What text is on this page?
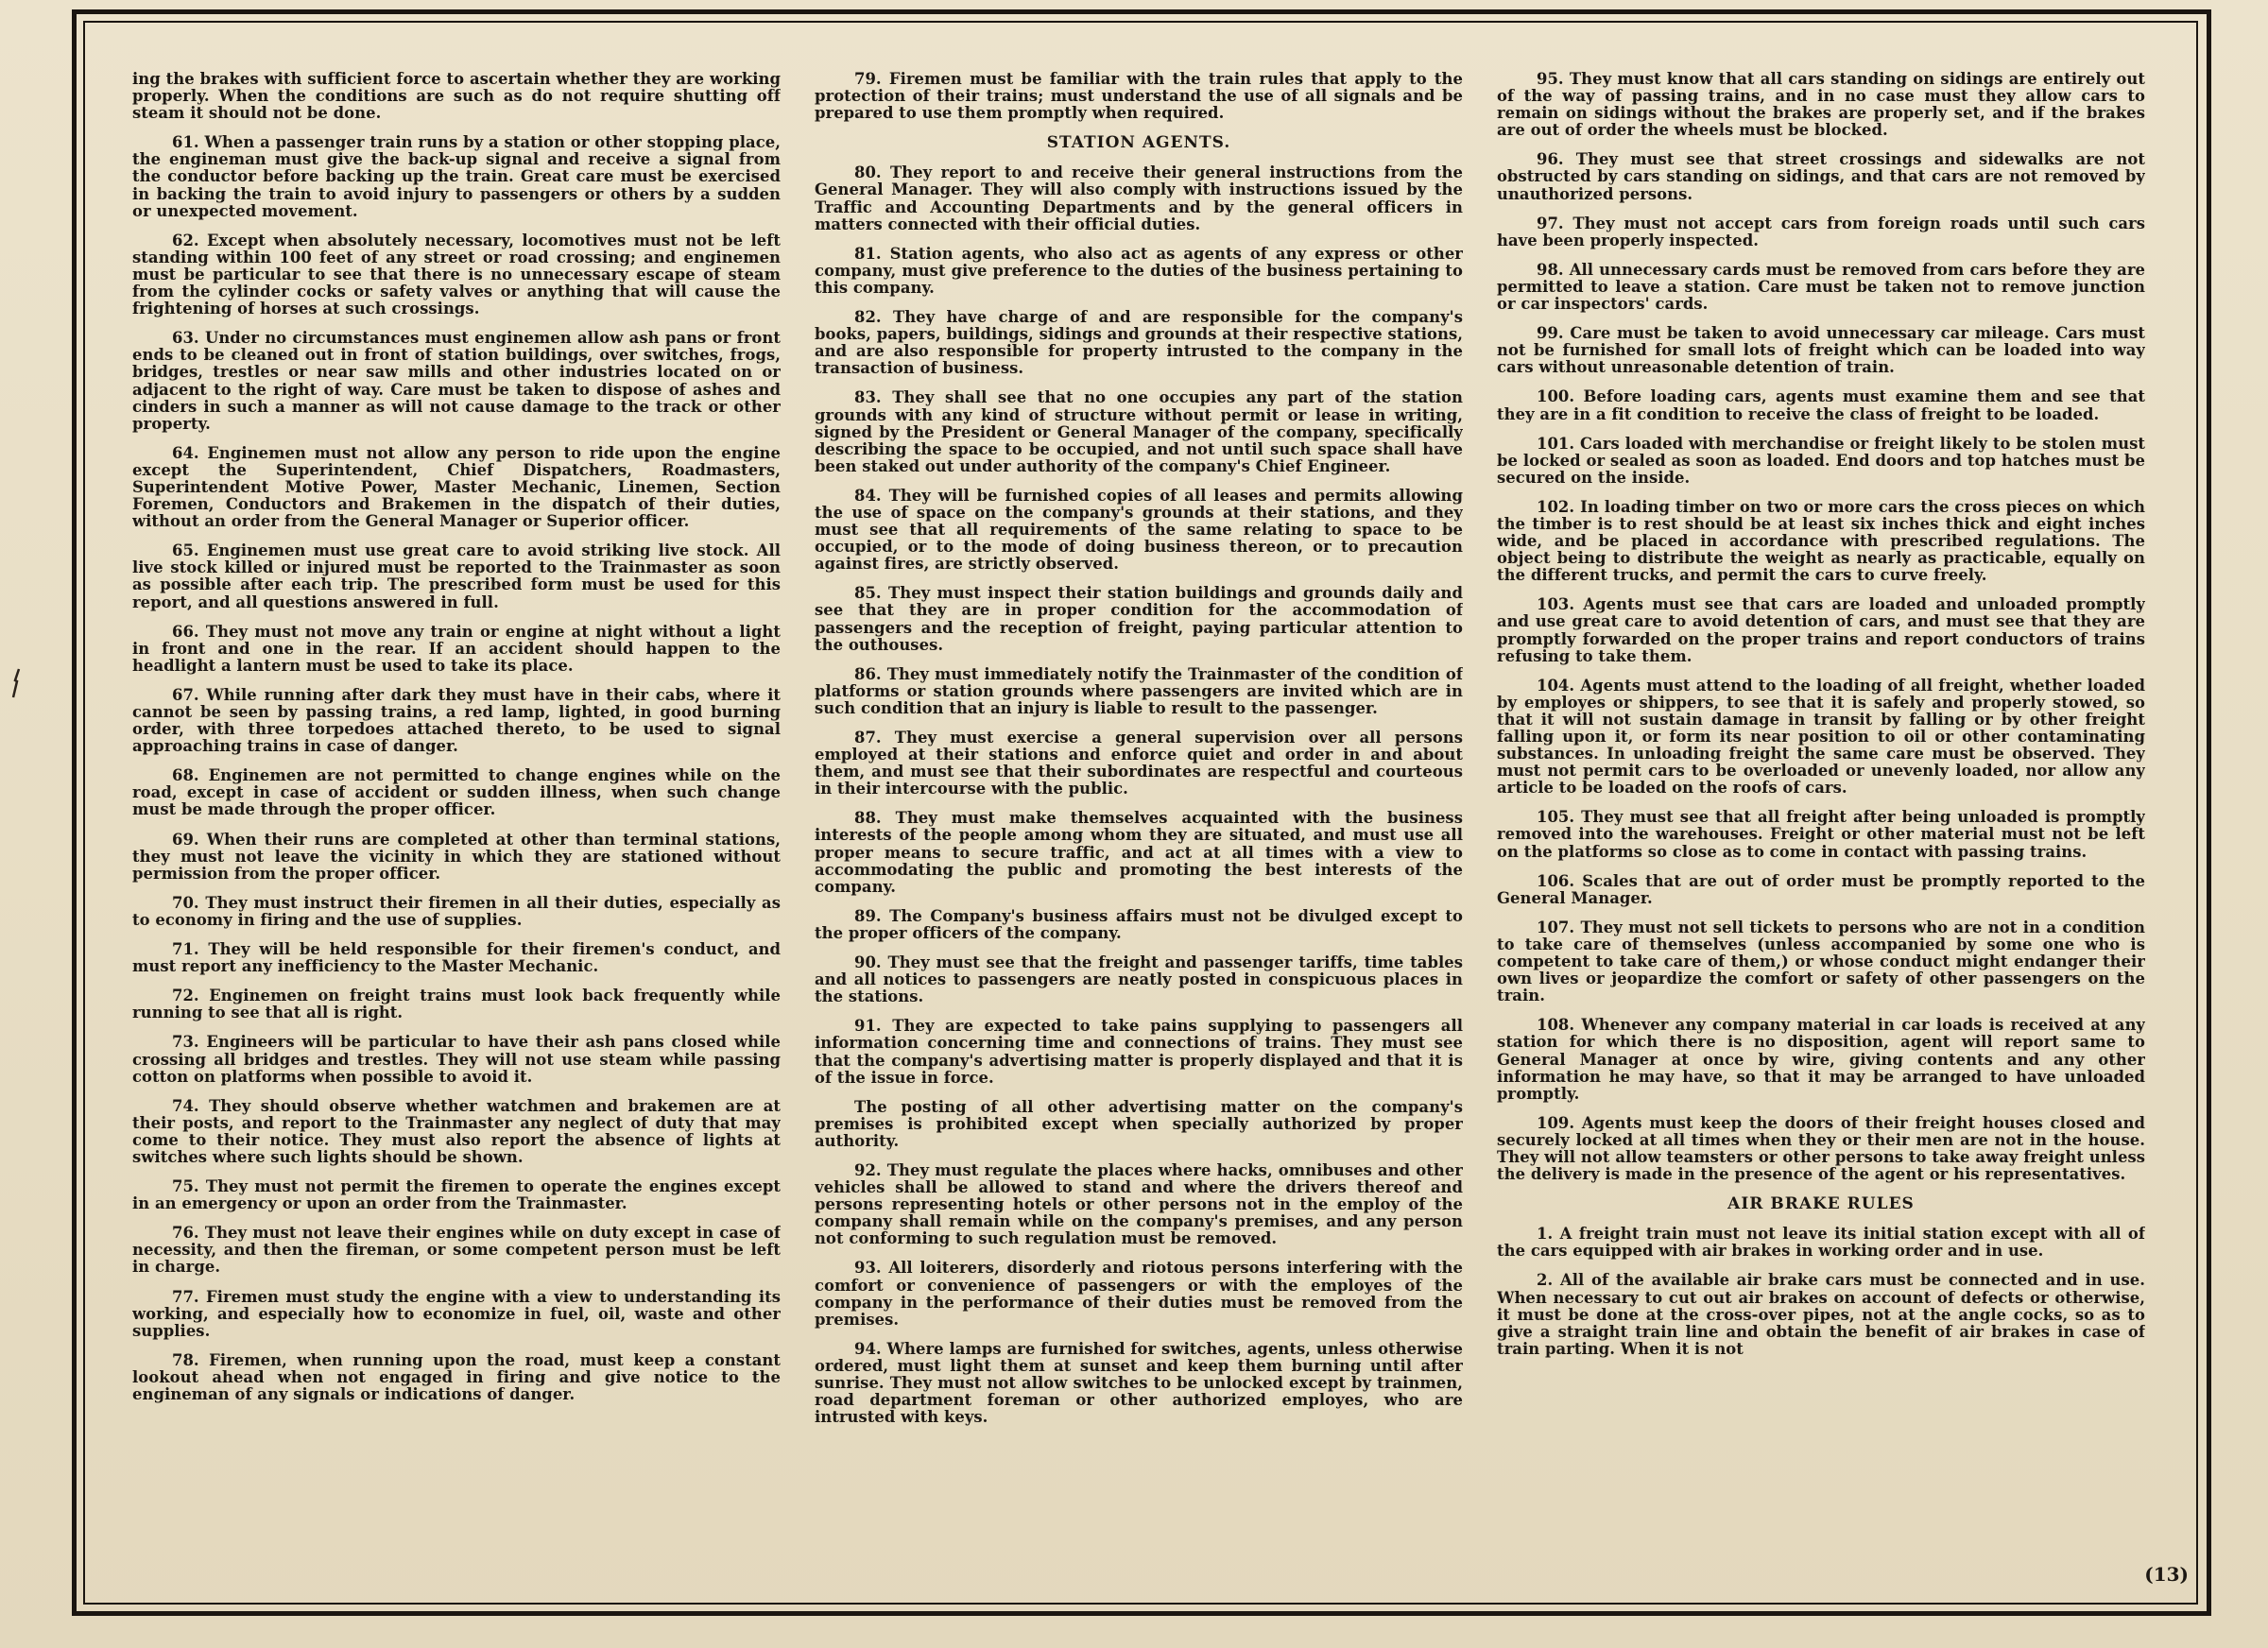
ing the brakes with sufficient force to ascertain whether they are working properly. When the conditions are such as do not require shutting off steam it should not be done.

61. When a passenger train runs by a station or other stopping place, the engineman must give the back-up signal and receive a signal from the conductor before backing up the train. Great care must be exercised in backing the train to avoid injury to passengers or others by a sudden or unexpected movement.

62. Except when absolutely necessary, locomotives must not be left standing within 100 feet of any street or road crossing; and enginemen must be particular to see that there is no unnecessary escape of steam from the cylinder cocks or safety valves or anything that will cause the frightening of horses at such crossings.

63. Under no circumstances must enginemen allow ash pans or front ends to be cleaned out in front of station buildings, over switches, frogs, bridges, trestles or near saw mills and other industries located on or adjacent to the right of way. Care must be taken to dispose of ashes and cinders in such a manner as will not cause damage to the track or other property.

64. Enginemen must not allow any person to ride upon the engine except the Superintendent, Chief Dispatchers, Roadmasters, Superintendent Motive Power, Master Mechanic, Linemen, Section Foremen, Conductors and Brakemen in the dispatch of their duties, without an order from the General Manager or Superior officer.

65. Enginemen must use great care to avoid striking live stock. All live stock killed or injured must be reported to the Trainmaster as soon as possible after each trip. The prescribed form must be used for this report, and all questions answered in full.

66. They must not move any train or engine at night without a light in front and one in the rear. If an accident should happen to the headlight a lantern must be used to take its place.

67. While running after dark they must have in their cabs, where it cannot be seen by passing trains, a red lamp, lighted, in good burning order, with three torpedoes attached thereto, to be used to signal approaching trains in case of danger.

68. Enginemen are not permitted to change engines while on the road, except in case of accident or sudden illness, when such change must be made through the proper officer.

69. When their runs are completed at other than terminal stations, they must not leave the vicinity in which they are stationed without permission from the proper officer.

70. They must instruct their firemen in all their duties, especially as to economy in firing and the use of supplies.

71. They will be held responsible for their firemen's conduct, and must report any inefficiency to the Master Mechanic.

72. Enginemen on freight trains must look back frequently while running to see that all is right.

73. Engineers will be particular to have their ash pans closed while crossing all bridges and trestles. They will not use steam while passing cotton on platforms when possible to avoid it.

74. They should observe whether watchmen and brakemen are at their posts, and report to the Trainmaster any neglect of duty that may come to their notice. They must also report the absence of lights at switches where such lights should be shown.

75. They must not permit the firemen to operate the engines except in an emergency or upon an order from the Trainmaster.

76. They must not leave their engines while on duty except in case of necessity, and then the fireman, or some competent person must be left in charge.

77. Firemen must study the engine with a view to understanding its working, and especially how to economize in fuel, oil, waste and other supplies.

78. Firemen, when running upon the road, must keep a constant lookout ahead when not engaged in firing and give notice to the engineman of any signals or indications of danger.

79. Firemen must be familiar with the train rules that apply to the protection of their trains; must understand the use of all signals and be prepared to use them promptly when required.

STATION AGENTS.

80. They report to and receive their general instructions from the General Manager. They will also comply with instructions issued by the Traffic and Accounting Departments and by the general officers in matters connected with their official duties.

81. Station agents, who also act as agents of any express or other company, must give preference to the duties of the business pertaining to this company.

82. They have charge of and are responsible for the company's books, papers, buildings, sidings and grounds at their respective stations, and are also responsible for property intrusted to the company in the transaction of business.

83. They shall see that no one occupies any part of the station grounds with any kind of structure without permit or lease in writing, signed by the President or General Manager of the company, specifically describing the space to be occupied, and not until such space shall have been staked out under authority of the company's Chief Engineer.

84. They will be furnished copies of all leases and permits allowing the use of space on the company's grounds at their stations, and they must see that all requirements of the same relating to space to be occupied, or to the mode of doing business thereon, or to precaution against fires, are strictly observed.

85. They must inspect their station buildings and grounds daily and see that they are in proper condition for the accommodation of passengers and the reception of freight, paying particular attention to the outhouses.

86. They must immediately notify the Trainmaster of the condition of platforms or station grounds where passengers are invited which are in such condition that an injury is liable to result to the passenger.

87. They must exercise a general supervision over all persons employed at their stations and enforce quiet and order in and about them, and must see that their subordinates are respectful and courteous in their intercourse with the public.

88. They must make themselves acquainted with the business interests of the people among whom they are situated, and must use all proper means to secure traffic, and act at all times with a view to accommodating the public and promoting the best interests of the company.

89. The Company's business affairs must not be divulged except to the proper officers of the company.

90. They must see that the freight and passenger tariffs, time tables and all notices to passengers are neatly posted in conspicuous places in the stations.

91. They are expected to take pains supplying to passengers all information concerning time and connections of trains. They must see that the company's advertising matter is properly displayed and that it is of the issue in force.

The posting of all other advertising matter on the company's premises is prohibited except when specially authorized by proper authority.

92. They must regulate the places where hacks, omnibuses and other vehicles shall be allowed to stand and where the drivers thereof and persons representing hotels or other persons not in the employ of the company shall remain while on the company's premises, and any person not conforming to such regulation must be removed.

93. All loiterers, disorderly and riotous persons interfering with the comfort or convenience of passengers or with the employes of the company in the performance of their duties must be removed from the premises.

94. Where lamps are furnished for switches, agents, unless otherwise ordered, must light them at sunset and keep them burning until after sunrise. They must not allow switches to be unlocked except by trainmen, road department foreman or other authorized employes, who are intrusted with keys.

95. They must know that all cars standing on sidings are entirely out of the way of passing trains, and in no case must they allow cars to remain on sidings without the brakes are properly set, and if the brakes are out of order the wheels must be blocked.

96. They must see that street crossings and sidewalks are not obstructed by cars standing on sidings, and that cars are not removed by unauthorized persons.

97. They must not accept cars from foreign roads until such cars have been properly inspected.

98. All unnecessary cards must be removed from cars before they are permitted to leave a station. Care must be taken not to remove junction or car inspectors' cards.

99. Care must be taken to avoid unnecessary car mileage. Cars must not be furnished for small lots of freight which can be loaded into way cars without unreasonable detention of train.

100. Before loading cars, agents must examine them and see that they are in a fit condition to receive the class of freight to be loaded.

101. Cars loaded with merchandise or freight likely to be stolen must be locked or sealed as soon as loaded. End doors and top hatches must be secured on the inside.

102. In loading timber on two or more cars the cross pieces on which the timber is to rest should be at least six inches thick and eight inches wide, and be placed in accordance with prescribed regulations. The object being to distribute the weight as nearly as practicable, equally on the different trucks, and permit the cars to curve freely.

103. Agents must see that cars are loaded and unloaded promptly and use great care to avoid detention of cars, and must see that they are promptly forwarded on the proper trains and report conductors of trains refusing to take them.

104. Agents must attend to the loading of all freight, whether loaded by employes or shippers, to see that it is safely and properly stowed, so that it will not sustain damage in transit by falling or by other freight falling upon it, or form its near position to oil or other contaminating substances. In unloading freight the same care must be observed. They must not permit cars to be overloaded or unevenly loaded, nor allow any article to be loaded on the roofs of cars.

105. They must see that all freight after being unloaded is promptly removed into the warehouses. Freight or other material must not be left on the platforms so close as to come in contact with passing trains.

106. Scales that are out of order must be promptly reported to the General Manager.

107. They must not sell tickets to persons who are not in a condition to take care of themselves (unless accompanied by some one who is competent to take care of them,) or whose conduct might endanger their own lives or jeopardize the comfort or safety of other passengers on the train.

108. Whenever any company material in car loads is received at any station for which there is no disposition, agent will report same to General Manager at once by wire, giving contents and any other information he may have, so that it may be arranged to have unloaded promptly.

109. Agents must keep the doors of their freight houses closed and securely locked at all times when they or their men are not in the house. They will not allow teamsters or other persons to take away freight unless the delivery is made in the presence of the agent or his representatives.

AIR BRAKE RULES

1. A freight train must not leave its initial station except with all of the cars equipped with air brakes in working order and in use.

2. All of the available air brake cars must be connected and in use. When necessary to cut out air brakes on account of defects or otherwise, it must be done at the cross-over pipes, not at the angle cocks, so as to give a straight train line and obtain the benefit of air brakes in case of train parting. When it is not

(13)
